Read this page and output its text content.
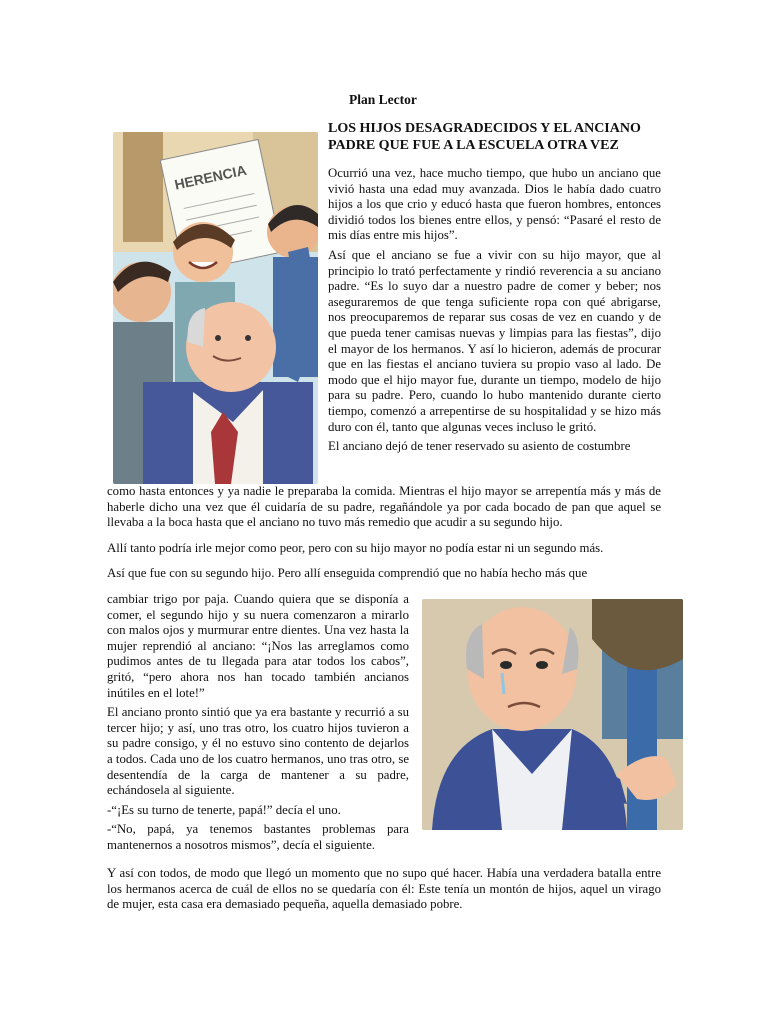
Plan Lector
HERENCIA
LOS HIJOS DESAGRADECIDOS Y EL ANCIANO PADRE QUE FUE A LA ESCUELA OTRA VEZ

Ocurrió una vez, hace mucho tiempo, que hubo un anciano que vivió hasta una edad muy avanzada. Dios le había dado cuatro hijos a los que crio y educó hasta que fueron hombres, entonces dividió todos los bienes entre ellos, y pensó: “Pasaré el resto de mis días entre mis hijos”.

Así que el anciano se fue a vivir con su hijo mayor, que al principio lo trató perfectamente y rindió reverencia a su anciano padre. “Es lo suyo dar a nuestro padre de comer y beber; nos aseguraremos de que tenga suficiente ropa con qué abrigarse, nos preocuparemos de reparar sus cosas de vez en cuando y de que pueda tener camisas nuevas y limpias para las fiestas”, dijo el mayor de los hermanos. Y así lo hicieron, además de procurar que en las fiestas el anciano tuviera su propio vaso al lado. De modo que el hijo mayor fue, durante un tiempo, modelo de hijo para su padre. Pero, cuando lo hubo mantenido durante cierto tiempo, comenzó a arrepentirse de su hospitalidad y se hizo más duro con él, tanto que algunas veces incluso le gritó.

El anciano dejó de tener reservado su asiento de costumbre

como hasta entonces y ya nadie le preparaba la comida. Mientras el hijo mayor se arrepentía más y más de haberle dicho una vez que él cuidaría de su padre, regañándole ya por cada bocado de pan que aquel se llevaba a la boca hasta que el anciano no tuvo más remedio que acudir a su segundo hijo.

Allí tanto podría irle mejor como peor, pero con su hijo mayor no podía estar ni un segundo más.

Así que fue con su segundo hijo. Pero allí enseguida comprendió que no había hecho más que

cambiar trigo por paja. Cuando quiera que se disponía a comer, el segundo hijo y su nuera comenzaron a mirarlo con malos ojos y murmurar entre dientes. Una vez hasta la mujer reprendió al anciano: “¡Nos las arreglamos como pudimos antes de tu llegada para atar todos los cabos”, gritó, “pero ahora nos han tocado también ancianos inútiles en el lote!”

El anciano pronto sintió que ya era bastante y recurrió a su tercer hijo; y así, uno tras otro, los cuatro hijos tuvieron a su padre consigo, y él no estuvo sino contento de dejarlos a todos. Cada uno de los cuatro hermanos, uno tras otro, se desentendía de la carga de mantener a su padre, echándosela al siguiente.

-“¡Es su turno de tenerte, papá!” decía el uno.

-“No, papá, ya tenemos bastantes problemas para mantenernos a nosotros mismos”, decía el siguiente.

Y así con todos, de modo que llegó un momento que no supo qué hacer. Había una verdadera batalla entre los hermanos acerca de cuál de ellos no se quedaría con él: Este tenía un montón de hijos, aquel un virago de mujer, esta casa era demasiado pequeña, aquella demasiado pobre.
